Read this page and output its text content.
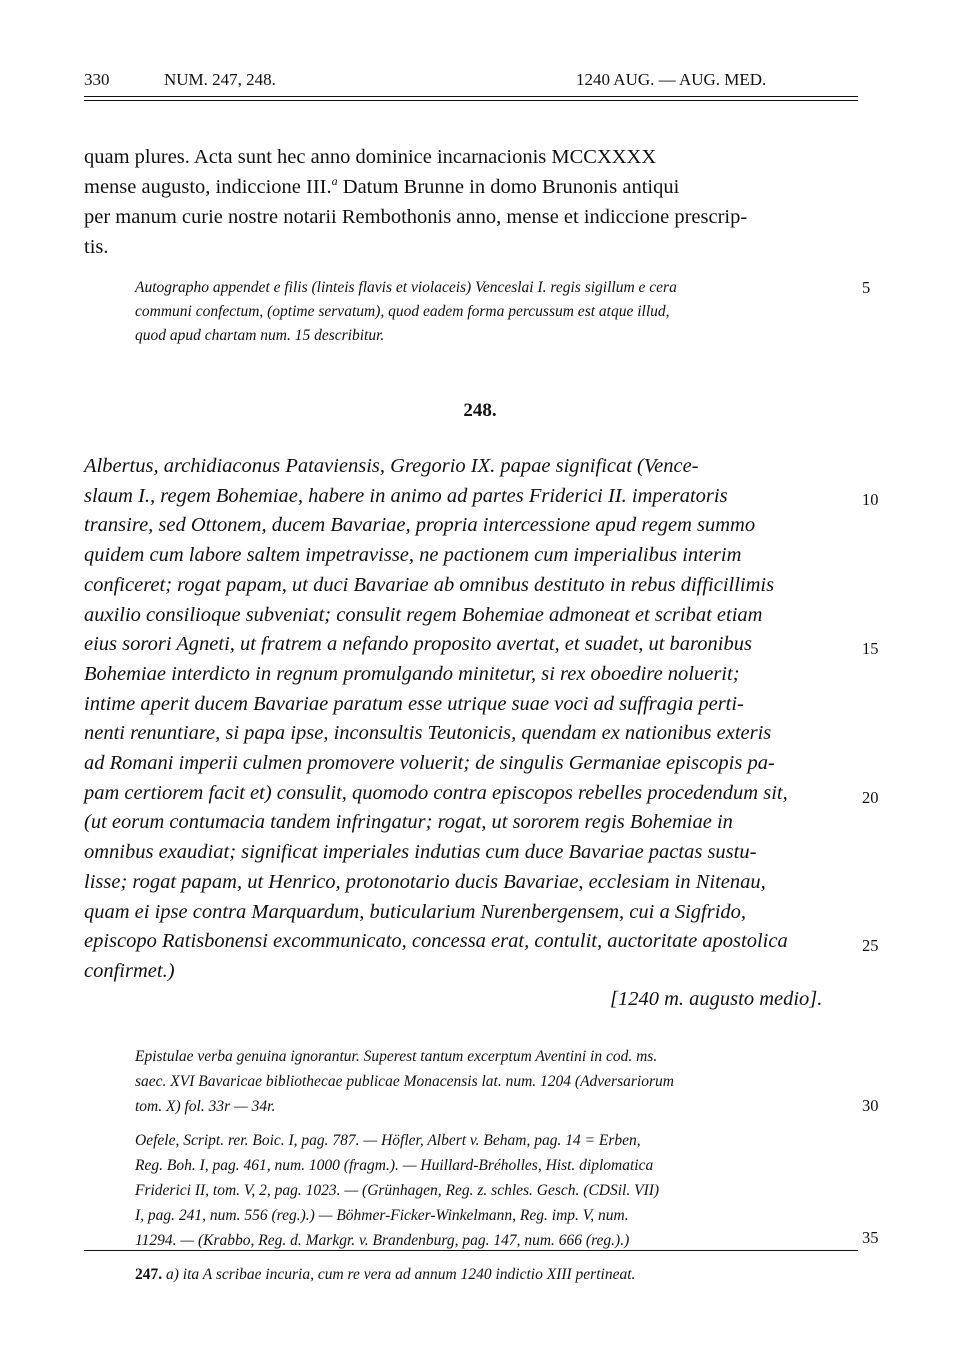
330	NUM. 247, 248.	1240 AUG. — AUG. MED.
quam plures. Acta sunt hec anno dominice incarnacionis MCCXXXX
mense augusto, indiccione III.$^a$ Datum Brunne in domo Brunonis antiqui
per manum curie nostre notarii Rembothonis anno, mense et indiccione prescrip-
tis.
Autographo appendet e filis (linteis flavis et violaceis) Venceslai I. regis sigillum e cera
communi confectum, (optime servatum), quod eadem forma percussum est atque illud,
quod apud chartam num. 15 describitur.
248.
Albertus, archidiaconus Pataviensis, Gregorio IX. papae significat (Vence-
slaum I., regem Bohemiae, habere in animo ad partes Friderici II. imperatoris
transire, sed Ottonem, ducem Bavariae, propria intercessione apud regem summo
quidem cum labore saltem impetravisse, ne pactionem cum imperialibus interim
conficeret; rogat papam, ut duci Bavariae ab omnibus destituto in rebus difficillimis
auxilio consilioque subveniat; consulit regem Bohemiae admoneat et scribat etiam
eius sorori Agneti, ut fratrem a nefando proposito avertat, et suadet, ut baronibus
Bohemiae interdicto in regnum promulgando minitetur, si rex oboedire noluerit;
intime aperit ducem Bavariae paratum esse utrique suae voci ad suffragia perti-
nenti renuntiare, si papa ipse, inconsultis Teutonicis, quendam ex nationibus exteris
ad Romani imperii culmen promovere voluerit; de singulis Germaniae episcopis pa-
pam certiorem facit et) consulit, quomodo contra episcopos rebelles procedendum sit,
(ut eorum contumacia tandem infringatur; rogat, ut sororem regis Bohemiae in
omnibus exaudiat; significat imperiales indutias cum duce Bavariae pactas sustu-
lisse; rogat papam, ut Henrico, protonotario ducis Bavariae, ecclesiam in Nitenau,
quam ei ipse contra Marquardum, buticularium Nurenbergensem, cui a Sigfrido,
episcopo Ratisbonensi excommunicato, concessa erat, contulit, auctoritate apostolica
confirmet.)
[1240 m. augusto medio].
Epistulae verba genuina ignorantur. Superest tantum excerptum Aventini in cod. ms.
saec. XVI Bavaricae bibliothecae publicae Monacensis lat. num. 1204 (Adversariorum
tom. X) fol. 33r — 34r.
Oefele, Script. rer. Boic. I, pag. 787. — Höfler, Albert v. Beham, pag. 14 = Erben,
Reg. Boh. I, pag. 461, num. 1000 (fragm.). — Huillard-Bréholles, Hist. diplomatica
Friderici II, tom. V, 2, pag. 1023. — (Grünhagen, Reg. z. schles. Gesch. (CDSil. VII)
I, pag. 241, num. 556 (reg.).) — Böhmer-Ficker-Winkelmann, Reg. imp. V, num.
11294. — (Krabbo, Reg. d. Markgr. v. Brandenburg, pag. 147, num. 666 (reg.).)
5
10
15
20
25
30
35
247. a) ita A scribae incuria, cum re vera ad annum 1240 indictio XIII pertineat.
